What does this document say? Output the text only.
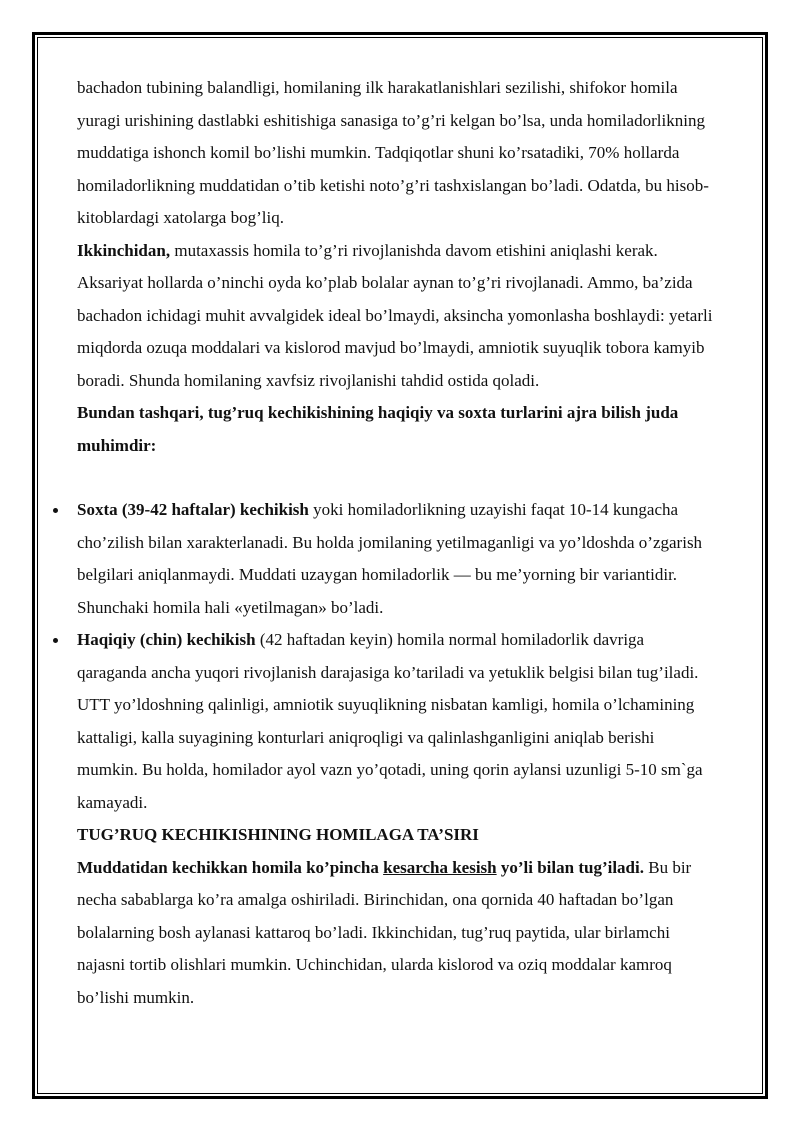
bachadon tubining balandligi, homilaning ilk harakatlanishlari sezilishi, shifokor homila yuragi urishining dastlabki eshitishiga sanasiga to’g’ri kelgan bo’lsa, unda homiladorlikning muddatiga ishonch komil bo’lishi mumkin. Tadqiqotlar shuni ko’rsatadiki, 70% hollarda homiladorlikning muddatidan o’tib ketishi noto’g’ri tashxislangan bo’ladi. Odatda, bu hisob-kitoblardagi xatolarga bog’liq.

Ikkinchidan, mutaxassis homila to’g’ri rivojlanishda davom etishini aniqlashi kerak. Aksariyat hollarda o’ninchi oyda ko’plab bolalar aynan to’g’ri rivojlanadi. Ammo, ba’zida bachadon ichidagi muhit avvalgidek ideal bo’lmaydi, aksincha yomonlasha boshlaydi: yetarli miqdorda ozuqa moddalari va kislorod mavjud bo’lmaydi, amniotik suyuqlik tobora kamyib boradi. Shunda homilaning xavfsiz rivojlanishi tahdid ostida qoladi.

Bundan tashqari, tug’ruq kechikishining haqiqiy va soxta turlarini ajra bilish juda muhimdir:

Soxta (39-42 haftalar) kechikish yoki homiladorlikning uzayishi faqat 10-14 kungacha cho’zilish bilan xarakterlanadi. Bu holda jomilaning yetilmaganligi va yo’ldoshda o’zgarish belgilari aniqlanmaydi. Muddati uzaygan homiladorlik — bu me’yorning bir variantidir. Shunchaki homila hali «yetilmagan» bo’ladi.
Haqiqiy (chin) kechikish (42 haftadan keyin) homila normal homiladorlik davriga qaraganda ancha yuqori rivojlanish darajasiga ko’tariladi va yetuklik belgisi bilan tug’iladi. UTT yo’ldoshning qalinligi, amniotik suyuqlikning nisbatan kamligi, homila o’lchamining kattaligi, kalla suyagining konturlari aniqroqligi va qalinlashganligini aniqlab berishi mumkin. Bu holda, homilador ayol vazn yo’qotadi, uning qorin aylansi uzunligi 5-10 sm`ga kamayadi.

TUG’RUQ KECHIKISHINING HOMILAGA TA’SIRI

Muddatidan kechikkan homila ko’pincha kesarcha kesish yo’li bilan tug’iladi. Bu bir necha sabablarga ko’ra amalga oshiriladi. Birinchidan, ona qornida 40 haftadan bo’lgan bolalarning bosh aylanasi kattaroq bo’ladi. Ikkinchidan, tug’ruq paytida, ular birlamchi najasni tortib olishlari mumkin. Uchinchidan, ularda kislorod va oziq moddalar kamroq bo’lishi mumkin.
